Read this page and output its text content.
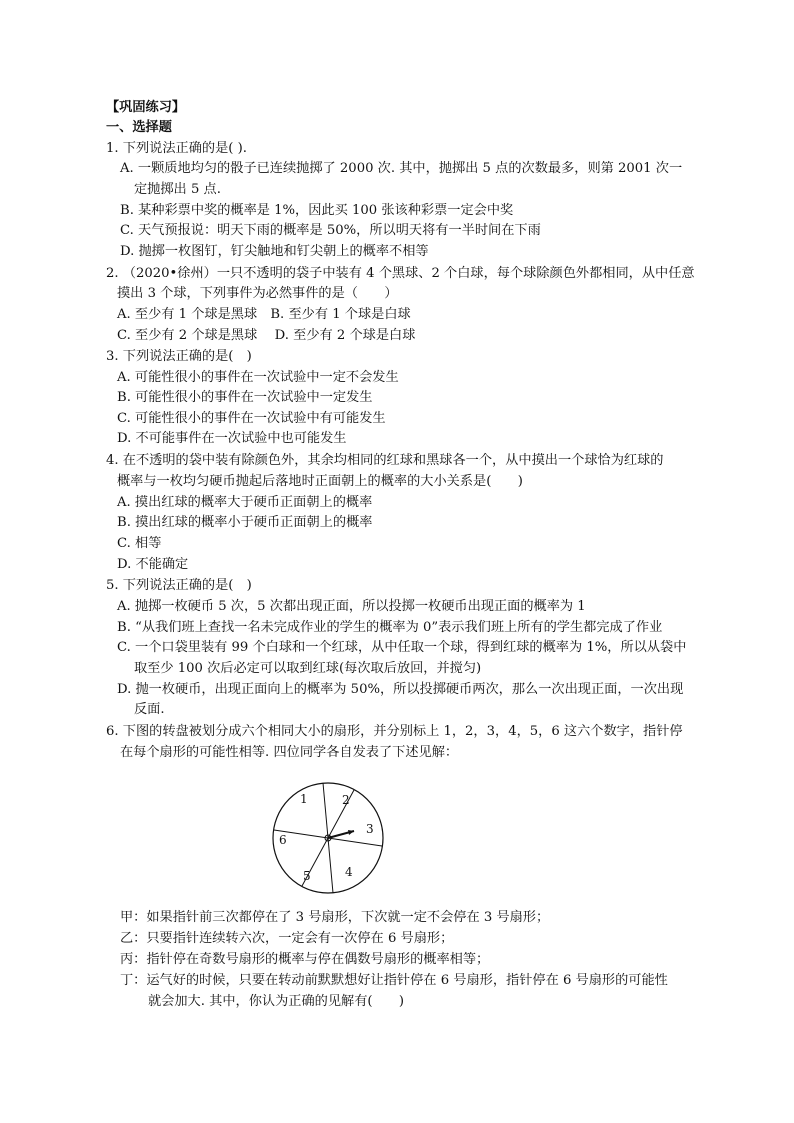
【巩固练习】
一、选择题
1. 下列说法正确的是( ).
A. 一颗质地均匀的骰子已连续抛掷了 2000 次. 其中，抛掷出 5 点的次数最多，则第 2001 次一
定抛掷出 5 点.
B. 某种彩票中奖的概率是 1%，因此买 100 张该种彩票一定会中奖
C. 天气预报说：明天下雨的概率是 50%，所以明天将有一半时间在下雨
D. 抛掷一枚图钉，钉尖触地和钉尖朝上的概率不相等
2. （2020•徐州）一只不透明的袋子中装有 4 个黑球、2 个白球，每个球除颜色外都相同，从中任意
摸出 3 个球，下列事件为必然事件的是（　　）
A. 至少有 1 个球是黑球　B. 至少有 1 个球是白球
C. 至少有 2 个球是黑球　 D. 至少有 2 个球是白球
3. 下列说法正确的是(　)
A. 可能性很小的事件在一次试验中一定不会发生
B. 可能性很小的事件在一次试验中一定发生
C. 可能性很小的事件在一次试验中有可能发生
D. 不可能事件在一次试验中也可能发生
4. 在不透明的袋中装有除颜色外，其余均相同的红球和黑球各一个，从中摸出一个球恰为红球的
概率与一枚均匀硬币抛起后落地时正面朝上的概率的大小关系是(　　)
A. 摸出红球的概率大于硬币正面朝上的概率
B. 摸出红球的概率小于硬币正面朝上的概率
C. 相等
D. 不能确定
5. 下列说法正确的是(　)
A. 抛掷一枚硬币 5 次，5 次都出现正面，所以投掷一枚硬币出现正面的概率为 1
B. “从我们班上查找一名未完成作业的学生的概率为 0”表示我们班上所有的学生都完成了作业
C. 一个口袋里装有 99 个白球和一个红球，从中任取一个球，得到红球的概率为 1%，所以从袋中
取至少 100 次后必定可以取到红球(每次取后放回，并搅匀)
D. 抛一枚硬币，出现正面向上的概率为 50%，所以投掷硬币两次，那么一次出现正面，一次出现
反面.
6. 下图的转盘被划分成六个相同大小的扇形，并分别标上 1，2，3，4，5，6 这六个数字，指针停
在每个扇形的可能性相等. 四位同学各自发表了下述见解：
1	2
3
4
5
6
甲：如果指针前三次都停在了 3 号扇形，下次就一定不会停在 3 号扇形；
乙：只要指针连续转六次，一定会有一次停在 6 号扇形；
丙：指针停在奇数号扇形的概率与停在偶数号扇形的概率相等；
丁：运气好的时候，只要在转动前默默想好让指针停在 6 号扇形，指针停在 6 号扇形的可能性
就会加大. 其中，你认为正确的见解有(　　)
